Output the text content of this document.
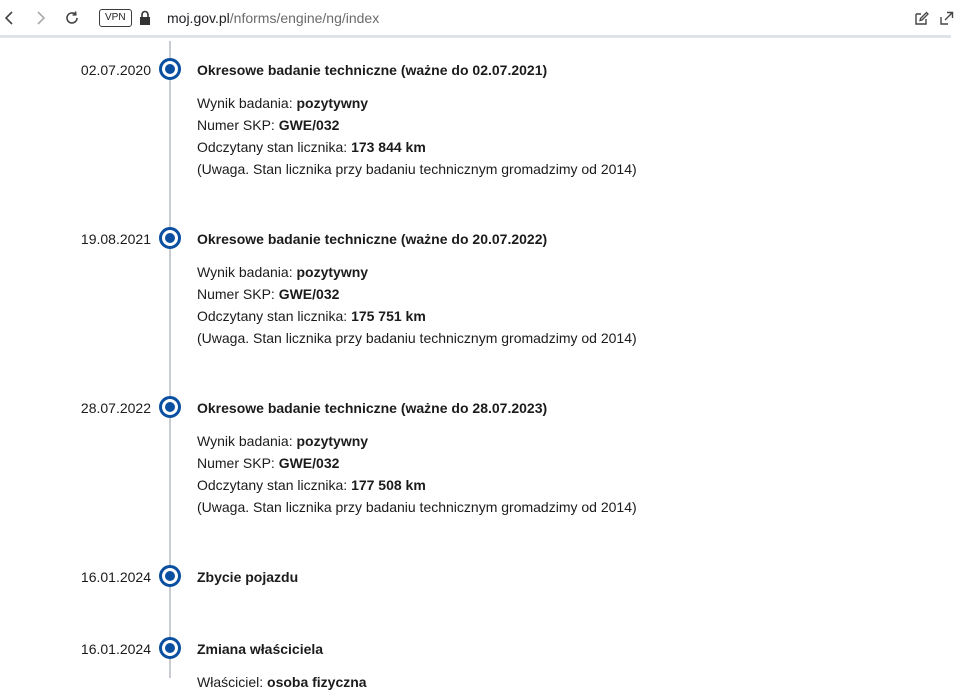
VPN	moj.gov.pl/nforms/engine/ng/index
02.07.2020	Okresowe badanie techniczne (ważne do 02.07.2021)
Wynik badania: pozytywny
Numer SKP: GWE/032
Odczytany stan licznika: 173 844 km
(Uwaga. Stan licznika przy badaniu technicznym gromadzimy od 2014)
19.08.2021	Okresowe badanie techniczne (ważne do 20.07.2022)
Wynik badania: pozytywny
Numer SKP: GWE/032
Odczytany stan licznika: 175 751 km
(Uwaga. Stan licznika przy badaniu technicznym gromadzimy od 2014)
28.07.2022	Okresowe badanie techniczne (ważne do 28.07.2023)
Wynik badania: pozytywny
Numer SKP: GWE/032
Odczytany stan licznika: 177 508 km
(Uwaga. Stan licznika przy badaniu technicznym gromadzimy od 2014)
16.01.2024	Zbycie pojazdu
16.01.2024	Zmiana właściciela
Właściciel: osoba fizyczna
